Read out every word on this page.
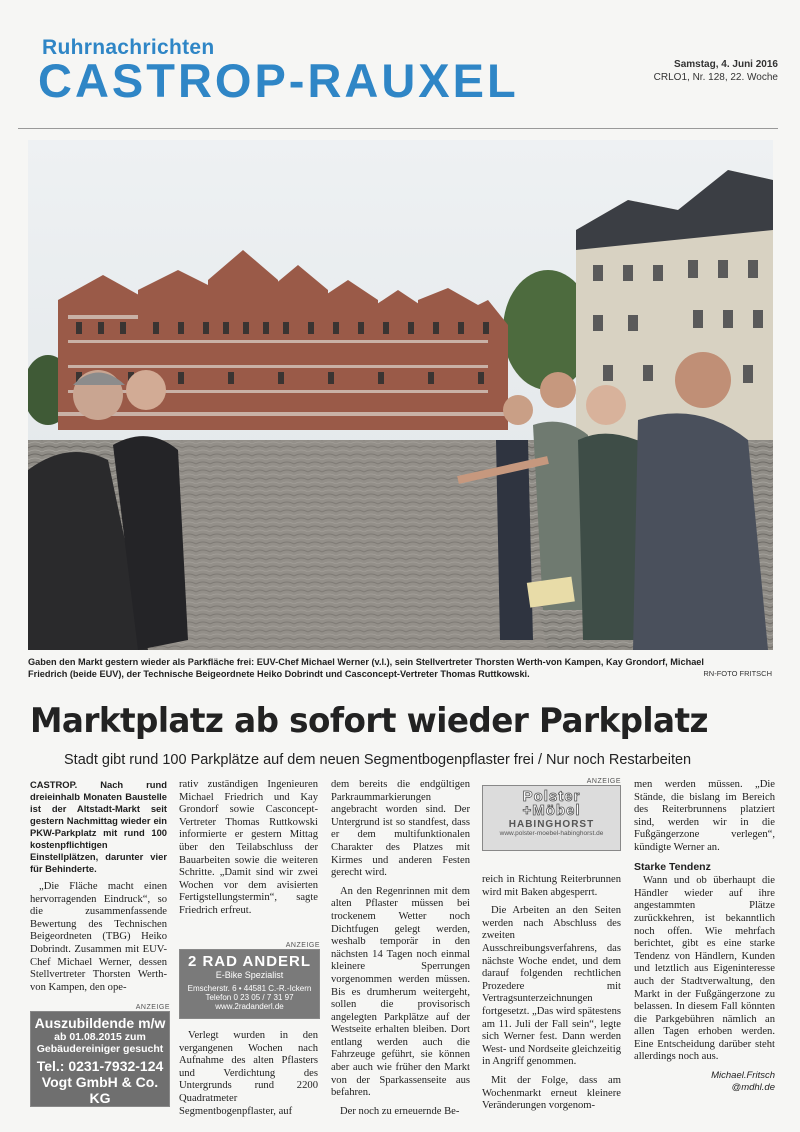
Ruhrnachrichten
CASTROP-RAUXEL	Samstag, 4. Juni 2016
CRLO1, Nr. 128, 22. Woche
Gaben den Markt gestern wieder als Parkfläche frei: EUV-Chef Michael Werner (v.l.), sein Stellvertreter Thorsten Werth-von Kampen, Kay Grondorf, Michael Friedrich (beide EUV), der Technische Beigeordnete Heiko Dobrindt und Casconcept-Vertreter Thomas Ruttkowski.	RN-FOTO FRITSCH
Marktplatz ab sofort wieder Parkplatz
Stadt gibt rund 100 Parkplätze auf dem neuen Segmentbogenpflaster frei / Nur noch Restarbeiten

CASTROP. Nach rund dreieinhalb Monaten Baustelle ist der Altstadt-Markt seit gestern Nachmittag wieder ein PKW-Parkplatz mit rund 100 kostenpflichtigen Einstellplätzen, darunter vier für Behinderte.

„Die Fläche macht einen hervorragenden Eindruck“, so die zusammenfassende Bewertung des Technischen Beigeordneten (TBG) Heiko Dobrindt. Zusammen mit EUV-Chef Michael Werner, dessen Stellvertreter Thorsten Werth-von Kampen, den ope-

ANZEIGE
Auszubildende m/w
ab 01.08.2015 zum
Gebäudereiniger gesucht
Tel.: 0231-7932-124
Vogt GmbH & Co. KG

rativ zuständigen Ingenieuren Michael Friedrich und Kay Grondorf sowie Casconcept-Vertreter Thomas Ruttkowski informierte er gestern Mittag über den Teilabschluss der Bauarbeiten sowie die weiteren Schritte. „Damit sind wir zwei Wochen vor dem avisierten Fertigstellungstermin“, sagte Friedrich erfreut.

ANZEIGE
2 RAD ANDERL
E-Bike Spezialist
Emscherstr. 6 • 44581 C.-R.-Ickern
Telefon 0 23 05 / 7 31 97
www.2radanderl.de

Verlegt wurden in den vergangenen Wochen nach Aufnahme des alten Pflasters und Verdichtung des Untergrunds rund 2200 Quadratmeter Segmentbogenpflaster, auf

dem bereits die endgültigen Parkraummarkierungen angebracht worden sind. Der Untergrund ist so standfest, dass er dem multifunktionalen Charakter des Platzes mit Kirmes und anderen Festen gerecht wird.

An den Regenrinnen mit dem alten Pflaster müssen bei trockenem Wetter noch Dichtfugen gelegt werden, weshalb temporär in den nächsten 14 Tagen noch einmal kleinere Sperrungen vorgenommen werden müssen. Bis es drumherum weitergeht, sollen die provisorisch angelegten Parkplätze auf der Westseite erhalten bleiben. Dort entlang werden auch die Fahrzeuge geführt, sie können aber auch wie früher den Markt von der Sparkassenseite aus befahren.

Der noch zu erneuernde Be-

ANZEIGE
Polster
+Möbel
HABINGHORST
www.polster-moebel-habinghorst.de

reich in Richtung Reiterbrunnen wird mit Baken abgesperrt.

Die Arbeiten an den Seiten werden nach Abschluss des zweiten Ausschreibungsverfahrens, das nächste Woche endet, und dem darauf folgenden rechtlichen Prozedere mit Vertragsunterzeichnungen fortgesetzt. „Das wird spätestens am 11. Juli der Fall sein“, legte sich Werner fest. Dann werden West- und Nordseite gleichzeitig in Angriff genommen.

Mit der Folge, dass am Wochenmarkt erneut kleinere Veränderungen vorgenom-

men werden müssen. „Die Stände, die bislang im Bereich des Reiterbrunnens platziert sind, werden wir in die Fußgängerzone verlegen“, kündigte Werner an.

Starke Tendenz

Wann und ob überhaupt die Händler wieder auf ihre angestammten Plätze zurückkehren, ist bekanntlich noch offen. Wie mehrfach berichtet, gibt es eine starke Tendenz von Händlern, Kunden und letztlich aus Eigeninteresse auch der Stadtverwaltung, den Markt in der Fußgängerzone zu belassen. In diesem Fall könnten die Parkgebühren nämlich an allen Tagen erhoben werden. Eine Entscheidung darüber steht allerdings noch aus.

Michael.Fritsch
@mdhl.de
